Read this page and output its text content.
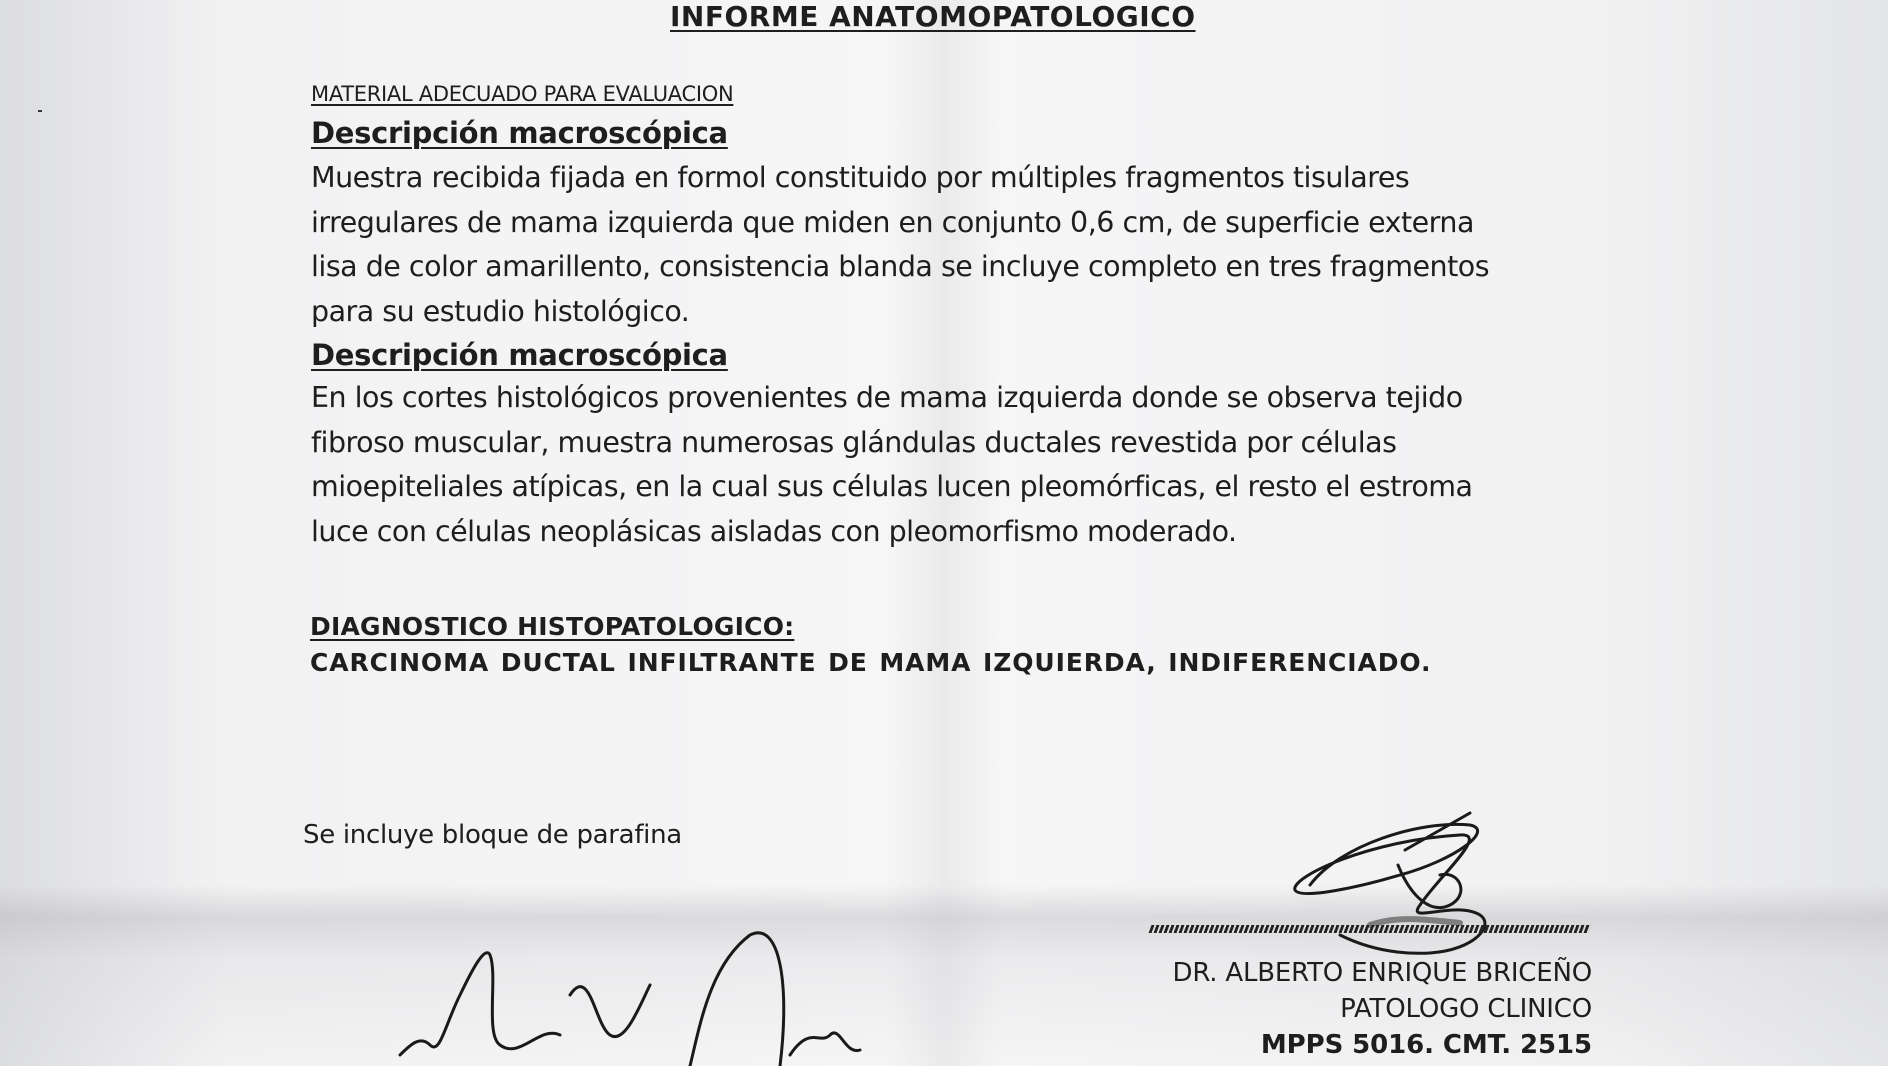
INFORME ANATOMOPATOLOGICO
MATERIAL ADECUADO PARA EVALUACION
Descripción macroscópica
Muestra recibida fijada en formol constituido por múltiples fragmentos tisulares
irregulares de mama izquierda que miden en conjunto 0,6 cm, de superficie externa
lisa de color amarillento, consistencia blanda se incluye completo en tres fragmentos
para su estudio histológico.
Descripción macroscópica
En los cortes histológicos provenientes de mama izquierda donde se observa tejido
fibroso muscular, muestra numerosas glándulas ductales revestida por células
mioepiteliales atípicas, en la cual sus células lucen pleomórficas, el resto el estroma
luce con células neoplásicas aisladas con pleomorfismo moderado.
DIAGNOSTICO HISTOPATOLOGICO:
CARCINOMA DUCTAL INFILTRANTE DE MAMA IZQUIERDA, INDIFERENCIADO.
Se incluye bloque de parafina
DR. ALBERTO ENRIQUE BRICEÑO
PATOLOGO CLINICO
MPPS 5016. CMT. 2515
